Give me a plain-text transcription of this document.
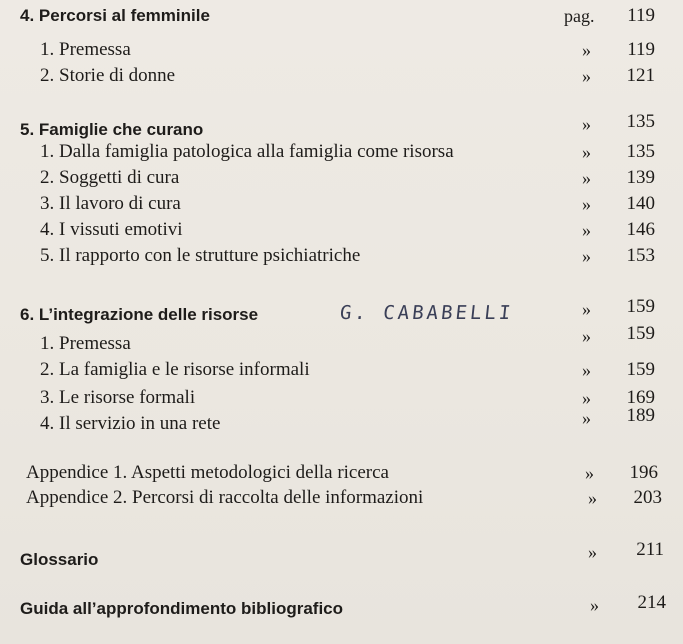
4. Percorsi al femminile	pag.	119
1. Premessa	»	119
2. Storie di donne	»	121
5. Famiglie che curano	»	135
1. Dalla famiglia patologica alla famiglia come risorsa	»	135
2. Soggetti di cura	»	139
3. Il lavoro di cura	»	140
4. I vissuti emotivi	»	146
5. Il rapporto con le strutture psichiatriche	»	153
6. L’integrazione delle risorse	»	159
G. CABABELLI
1. Premessa	»	159
2. La famiglia e le risorse informali	»	159
3. Le risorse formali	»	169
4. Il servizio in una rete	»	189
Appendice 1. Aspetti metodologici della ricerca	»	196
Appendice 2. Percorsi di raccolta delle informazioni	»	203
Glossario	»	211
Guida all’approfondimento bibliografico	»	214
